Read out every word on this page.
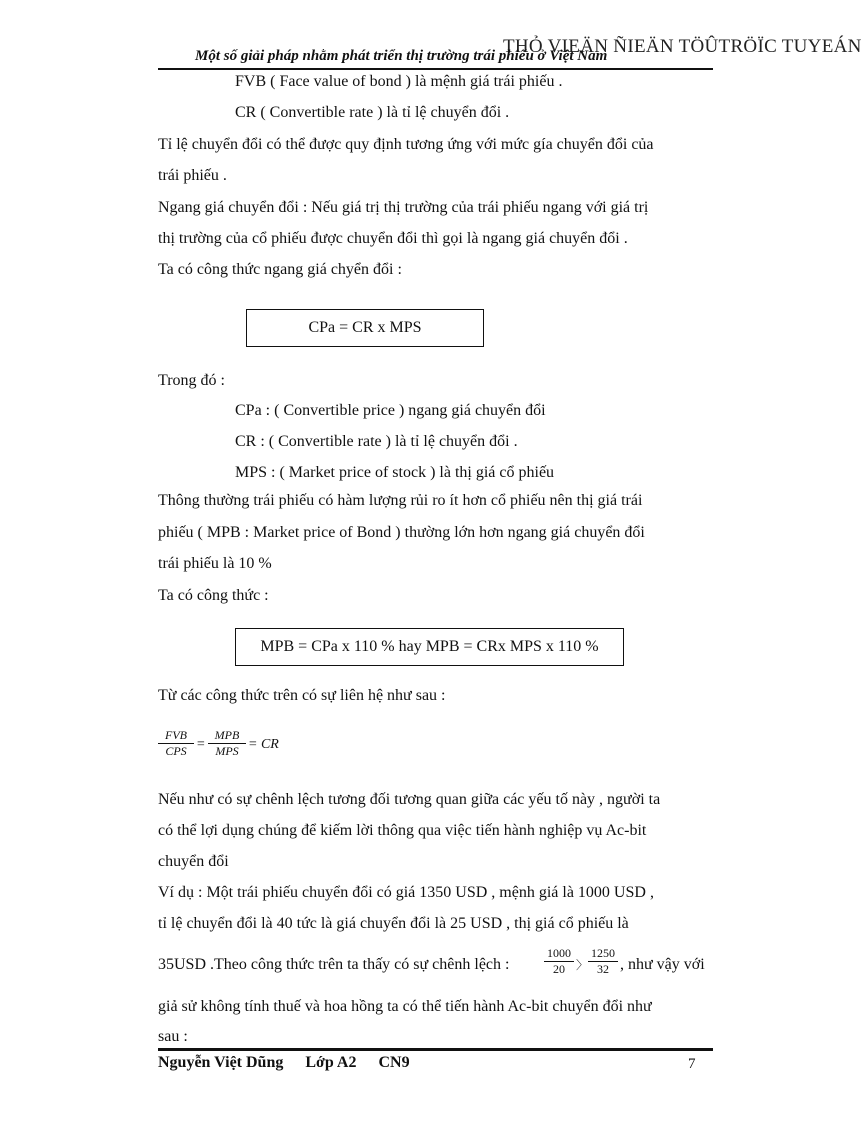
THỎ VIEÄN ÑIEÄN TÖÛTRÖÏC TUYEÁN
Một số giải pháp nhằm phát triển thị trường trái phiếu ở Việt Nam
FVB ( Face value of bond ) là mệnh giá trái phiếu .
CR ( Convertible rate ) là tỉ lệ chuyển đổi .
Tỉ lệ chuyển đổi có thể được quy định tương ứng với mức gía chuyển đổi của
trái phiếu .
Ngang giá chuyển đổi : Nếu giá trị thị trường của trái phiếu ngang với giá trị
thị trường của cổ phiếu được chuyển đổi thì gọi là ngang giá chuyển đổi .
Ta có công thức ngang giá chyển đổi :
CPa = CR x MPS
Trong đó :
CPa : ( Convertible price ) ngang giá chuyển đổi
CR : ( Convertible rate ) là tỉ lệ chuyển đổi .
MPS : ( Market price of stock ) là thị giá cổ phiếu
Thông thường trái phiếu có hàm lượng rủi ro ít hơn cổ phiếu nên thị giá trái
phiếu ( MPB : Market price of Bond ) thường lớn hơn ngang giá chuyển đổi
trái phiếu là 10 %
Ta có công thức :
MPB = CPa x 110 % hay MPB = CRx MPS x 110 %
Từ các công thức trên có sự liên hệ như sau :
FVB
CPS =
MPB
MPS = CR
Nếu như có sự chênh lệch tương đối tương quan giữa các yếu tố này , người ta
có thể lợi dụng chúng để kiếm lời thông qua việc tiến hành nghiệp vụ Ac-bit
chuyển đổi
Ví dụ : Một trái phiếu chuyển đổi có giá 1350 USD , mệnh giá là 1000 USD ,
tỉ lệ chuyển đổi là 40 tức là giá chuyển đổi là 25 USD , thị giá cổ phiếu là
35USD .Theo công thức trên ta thấy có sự chênh lệch :	$\frac{1000}{20}$ 〉 $\frac{1250}{32}$ , như vậy với
giả sử không tính thuế và hoa hồng ta có thể tiến hành Ac-bit chuyển đổi như
sau :
Nguyễn Việt Dũng Lớp A2 CN9	7
